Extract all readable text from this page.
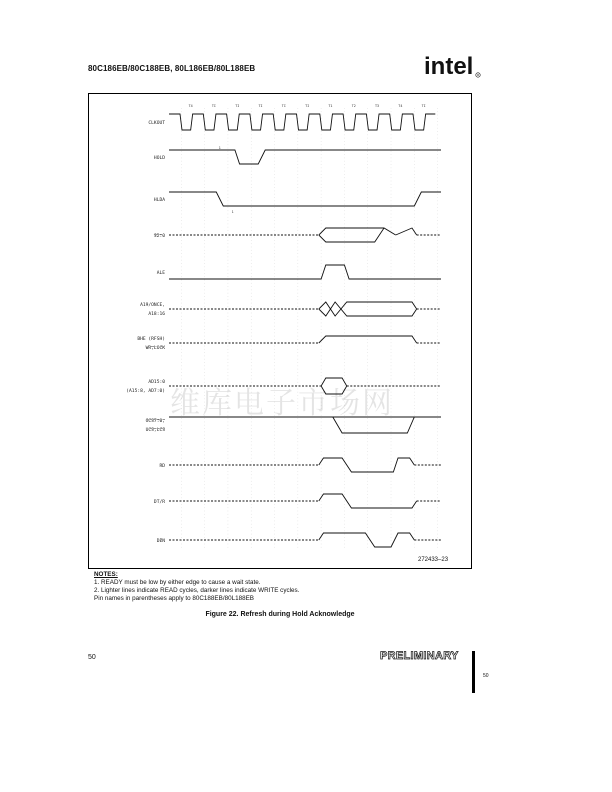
80C186EB/80C188EB, 80L186EB/80L188EB	intel R
T4	TI	TI	TI	TI	TI	T1	T2	T3	T4	TI
CLKOUT
HOLD
HLDA
S2:0
ALE
A19/ONCE,
A18:16
BHE (RFSH)
WR,LOCK
AD15:0
(A15:8, AD7:0)
GCS7:0,
UCS,LCS
RD
DT/R
DEN
1
1
维库电子市场网
272433–23
NOTES:
1. READY must be low by either edge to cause a wait state.
2. Lighter lines indicate READ cycles, darker lines indicate WRITE cycles.
Pin names in parentheses apply to 80C188EB/80L188EB
Figure 22. Refresh during Hold Acknowledge
50	PRELIMINARY
50
